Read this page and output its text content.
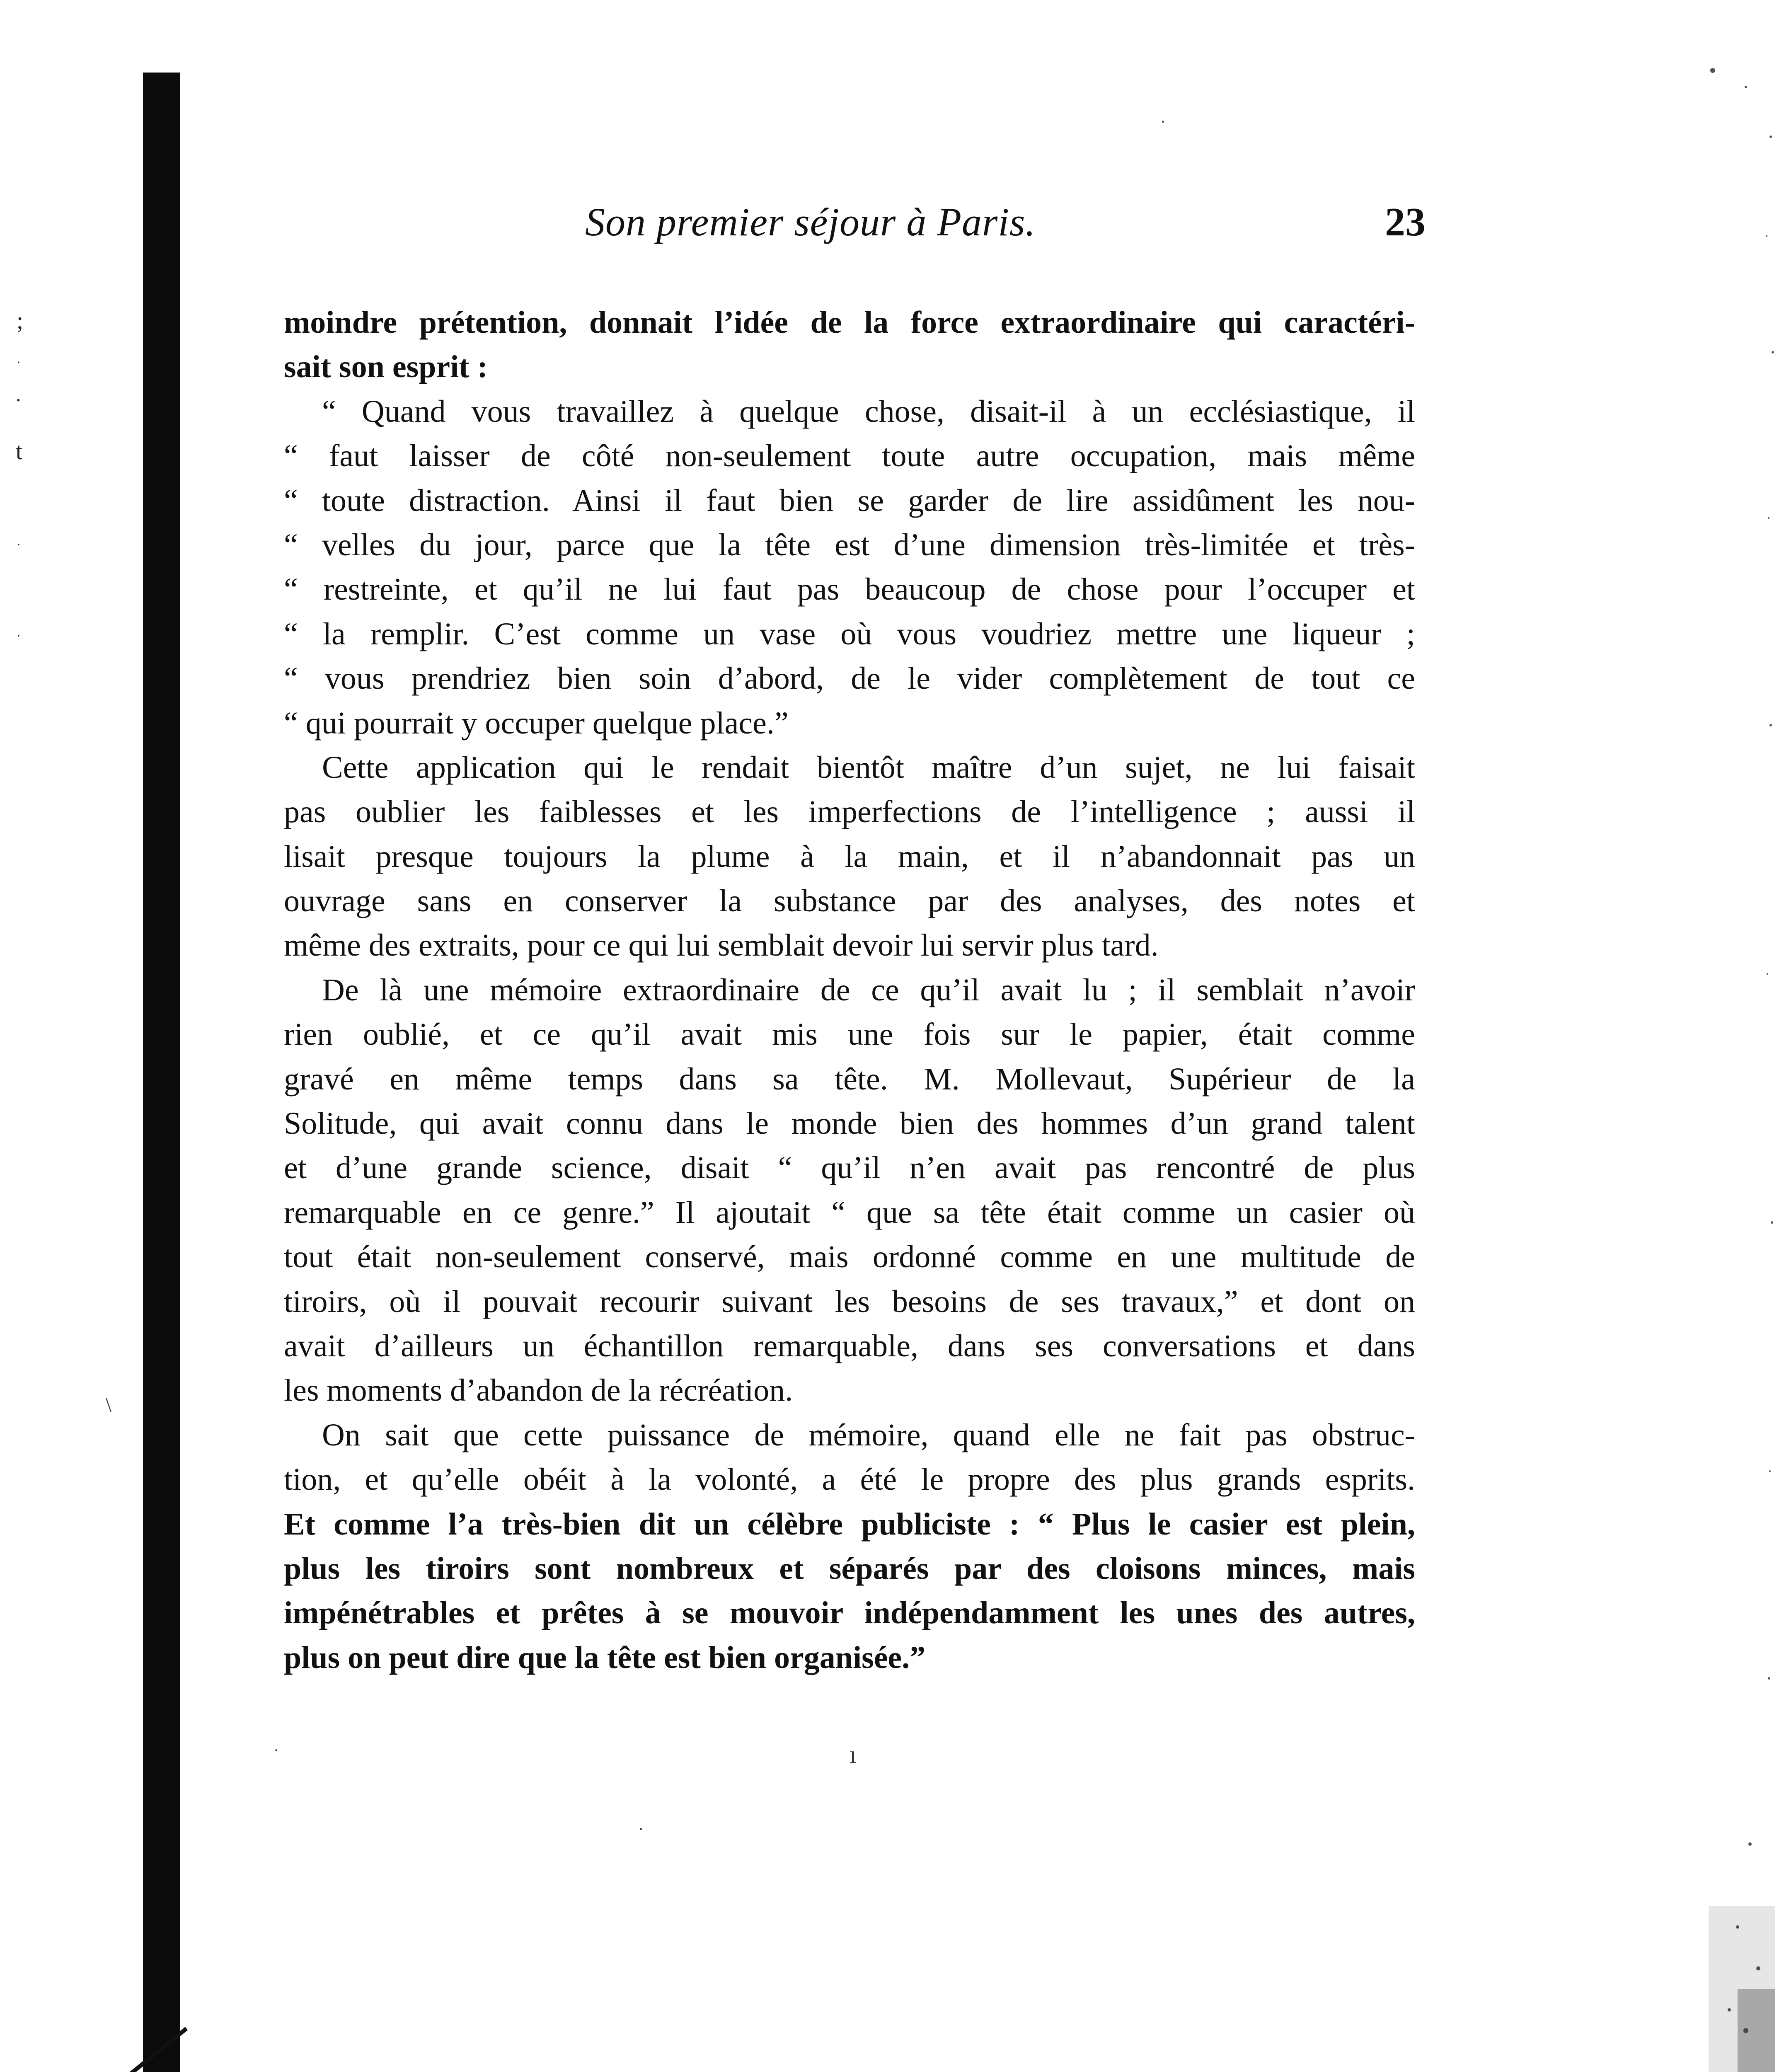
;
·
·
t
·
·
ı
·
·
·
\
Son premier séjour à Paris.	23
moindre prétention, donnait l’idée de la force extraordinaire qui caractéri-
sait son esprit :
“ Quand vous travaillez à quelque chose, disait-il à un ecclésiastique, il
“ faut laisser de côté non-seulement toute autre occupation, mais même
“ toute distraction. Ainsi il faut bien se garder de lire assidûment les nou-
“ velles du jour, parce que la tête est d’une dimension très-limitée et très-
“ restreinte, et qu’il ne lui faut pas beaucoup de chose pour l’occuper et
“ la remplir. C’est comme un vase où vous voudriez mettre une liqueur ;
“ vous prendriez bien soin d’abord, de le vider complètement de tout ce
“ qui pourrait y occuper quelque place.”
Cette application qui le rendait bientôt maître d’un sujet, ne lui faisait
pas oublier les faiblesses et les imperfections de l’intelligence ; aussi il
lisait presque toujours la plume à la main, et il n’abandonnait pas un
ouvrage sans en conserver la substance par des analyses, des notes et
même des extraits, pour ce qui lui semblait devoir lui servir plus tard.
De là une mémoire extraordinaire de ce qu’il avait lu ; il semblait n’avoir
rien oublié, et ce qu’il avait mis une fois sur le papier, était comme
gravé en même temps dans sa tête. M. Mollevaut, Supérieur de la
Solitude, qui avait connu dans le monde bien des hommes d’un grand talent
et d’une grande science, disait “ qu’il n’en avait pas rencontré de plus
remarquable en ce genre.” Il ajoutait “ que sa tête était comme un casier où
tout était non-seulement conservé, mais ordonné comme en une multitude de
tiroirs, où il pouvait recourir suivant les besoins de ses travaux,” et dont on
avait d’ailleurs un échantillon remarquable, dans ses conversations et dans
les moments d’abandon de la récréation.
On sait que cette puissance de mémoire, quand elle ne fait pas obstruc-
tion, et qu’elle obéit à la volonté, a été le propre des plus grands esprits.
Et comme l’a très-bien dit un célèbre publiciste : “ Plus le casier est plein,
plus les tiroirs sont nombreux et séparés par des cloisons minces, mais
impénétrables et prêtes à se mouvoir indépendamment les unes des autres,
plus on peut dire que la tête est bien organisée.”
